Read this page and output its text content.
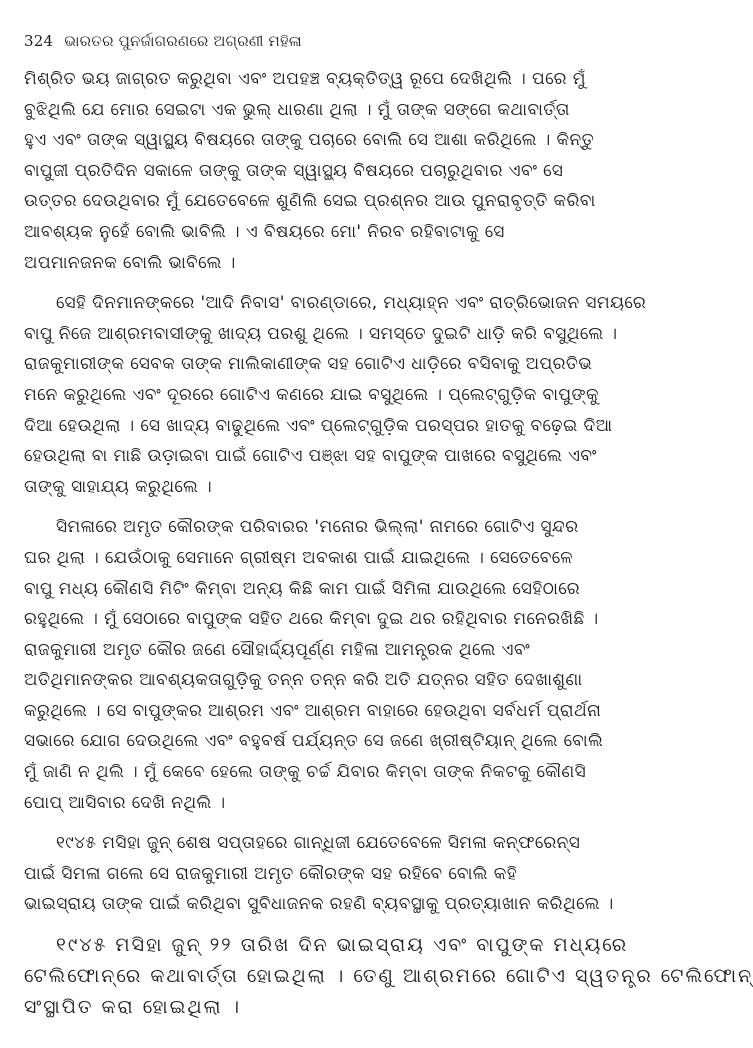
324 ଭାରତର ପୁନର୍ଜାଗରଣରେ ଅଗ୍ରଣୀ ମହିଳା
ମିଶ୍ରିତ ଭୟ ଜାଗ୍ରତ କରୁଥିବା ଏବଂ ଅପହଞ୍ଚ ବ୍ୟକ୍ତିତ୍ୱ ରୂପେ ଦେଖିଥିଲି । ପରେ ମୁଁ
ବୁଝିଥିଲି ଯେ ମୋର ସେଇଟା ଏକ ଭୁଲ୍ ଧାରଣା ଥିଲା । ମୁଁ ତାଙ୍କ ସଙ୍ଗେ କଥାବାର୍ତ୍ତା
ହୁଏ ଏବଂ ତାଙ୍କ ସ୍ୱାସ୍ଥ୍ୟ ବିଷୟରେ ତାଙ୍କୁ ପଚାରେ ବୋଲି ସେ ଆଶା କରିଥିଲେ । କିନ୍ତୁ
ବାପୁଜୀ ପ୍ରତିଦିନ ସକାଳେ ତାଙ୍କୁ ତାଙ୍କ ସ୍ୱାସ୍ଥ୍ୟ ବିଷୟରେ ପଚାରୁଥିବାର ଏବଂ ସେ
ଉତ୍ତର ଦେଉଥିବାର ମୁଁ ଯେତେବେଳେ ଶୁଣିଲି ସେଇ ପ୍ରଶ୍ନର ଆଉ ପୁନରାବୃତ୍ତି କରିବା
ଆବଶ୍ୟକ ନୁହେଁ ବୋଲି ଭାବିଲି । ଏ ବିଷୟରେ ମୋ' ନିରବ ରହିବାଟାକୁ ସେ
ଅପମାନଜନକ ବୋଲି ଭାବିଲେ ।
ସେହି ଦିନମାନଙ୍କରେ 'ଆଦି ନିବାସ' ବାରଣ୍ଡାରେ, ମଧ୍ୟାହ୍ନ ଏବଂ ରାତ୍ରିଭୋଜନ ସମୟରେ
ବାପୁ ନିଜେ ଆଶ୍ରମବାସୀଙ୍କୁ ଖାଦ୍ୟ ପରଶୁ ଥିଲେ । ସମସ୍ତେ ଦୁଇଟି ଧାଡ଼ି କରି ବସୁଥିଲେ ।
ରାଜକୁମାରୀଙ୍କ ସେବକ ତାଙ୍କ ମାଲିକାଣୀଙ୍କ ସହ ଗୋଟିଏ ଧାଡ଼ିରେ ବସିବାକୁ ଅପ୍ରତିଭ
ମନେ କରୁଥିଲେ ଏବଂ ଦୂରରେ ଗୋଟିଏ କଣରେ ଯାଇ ବସୁଥିଲେ । ପ୍ଲେଟ୍‌ଗୁଡ଼ିକ ବାପୁଙ୍କୁ
ଦିଆ ହେଉଥିଲା । ସେ ଖାଦ୍ୟ ବାଢୁଥିଲେ ଏବଂ ପ୍ଲେଟ୍‌ଗୁଡ଼ିକ ପରସ୍ପର ହାତକୁ ବଢ଼େଇ ଦିଆ
ହେଉଥିଲା ବା ମାଛି ଉଡ଼ାଇବା ପାଇଁ ଗୋଟିଏ ପଞ୍ଝା ସହ ବାପୁଙ୍କ ପାଖରେ ବସୁଥିଲେ ଏବଂ
ତାଙ୍କୁ ସାହାଯ୍ୟ କରୁଥିଲେ ।
ସିମଳାରେ ଅମୃତ କୌରଙ୍କ ପରିବାରର 'ମନୋର ଭିଲ୍ଲା' ନାମରେ ଗୋଟିଏ ସୁନ୍ଦର
ଘର ଥିଲା । ଯେଉଁଠାକୁ ସେମାନେ ଗ୍ରୀଷ୍ମ ଅବକାଶ ପାଇଁ ଯାଇଥିଲେ । ସେତେବେଳେ
ବାପୁ ମଧ୍ୟ କୌଣସି ମିଟିଂ କିମ୍ବା ଅନ୍ୟ କିଛି କାମ ପାଇଁ ସିମିଳା ଯାଉଥିଲେ ସେହିଠାରେ
ରହୁଥିଲେ । ମୁଁ ସେଠାରେ ବାପୁଙ୍କ ସହିତ ଥରେ କିମ୍ବା ଦୁଇ ଥର ରହିଥିବାର ମନେରଖିଛି ।
ରାଜକୁମାରୀ ଅମୃତ କୌର ଜଣେ ସୌହାର୍ଦ୍ଦ୍ୟପୂର୍ଣ୍ଣ ମହିଳା ଆମନ୍ତ୍ରକ ଥିଲେ ଏବଂ
ଅତିଥିମାନଙ୍କର ଆବଶ୍ୟକତାଗୁଡ଼ିକୁ ତନ୍ନ ତନ୍ନ କରି ଅତି ଯତ୍ନର ସହିତ ଦେଖାଶୁଣା
କରୁଥିଲେ । ସେ ବାପୁଙ୍କର ଆଶ୍ରମ ଏବଂ ଆଶ୍ରମ ବାହାରେ ହେଉଥିବା ସର୍ବଧର୍ମ ପ୍ରାର୍ଥନା
ସଭାରେ ଯୋଗ ଦେଉଥିଲେ ଏବଂ ବହୁବର୍ଷ ପର୍ଯ୍ୟନ୍ତ ସେ ଜଣେ ଖ୍ରୀଷ୍ଟିୟାନ୍ ଥିଲେ ବୋଲି
ମୁଁ ଜାଣି ନ ଥିଲି । ମୁଁ କେବେ ହେଲେ ତାଙ୍କୁ ଚର୍ଚ୍ଚ ଯିବାର କିମ୍ବା ତାଙ୍କ ନିକଟକୁ କୌଣସି
ପୋପ୍ ଆସିବାର ଦେଖି ନଥିଲି ।
୧୯୪୫ ମସିହା ଜୁନ୍ ଶେଷ ସପ୍ତାହରେ ଗାନ୍ଧିଜୀ ଯେତେବେଳେ ସିମଳା କନ୍‌ଫରେନ୍ସ
ପାଇଁ ସିମଳା ଗଲେ ସେ ରାଜକୁମାରୀ ଅମୃତ କୌରଙ୍କ ସହ ରହିବେ ବୋଲି କହି
ଭାଇସ୍‌ରାୟ ତାଙ୍କ ପାଇଁ କରିଥିବା ସୁବିଧାଜନକ ରହଣି ବ୍ୟବସ୍ଥାକୁ ପ୍ରତ୍ୟାଖାନ କରିଥିଲେ ।
୧୯୪୫ ମସିହା ଜୁନ୍ ୨୨ ତାରିଖ ଦିନ ଭାଇସ୍‌ରାୟ ଏବଂ ବାପୁଙ୍କ ମଧ୍ୟରେ
ଟେଲିଫୋନ୍‌ରେ କଥାବାର୍ତ୍ତା ହୋଇଥିଲା । ତେଣୁ ଆଶ୍ରମରେ ଗୋଟିଏ ସ୍ୱତନ୍ତ୍ର ଟେଲିଫୋନ୍
ସଂସ୍ଥାପିତ କରା ହୋଇଥିଲା ।
